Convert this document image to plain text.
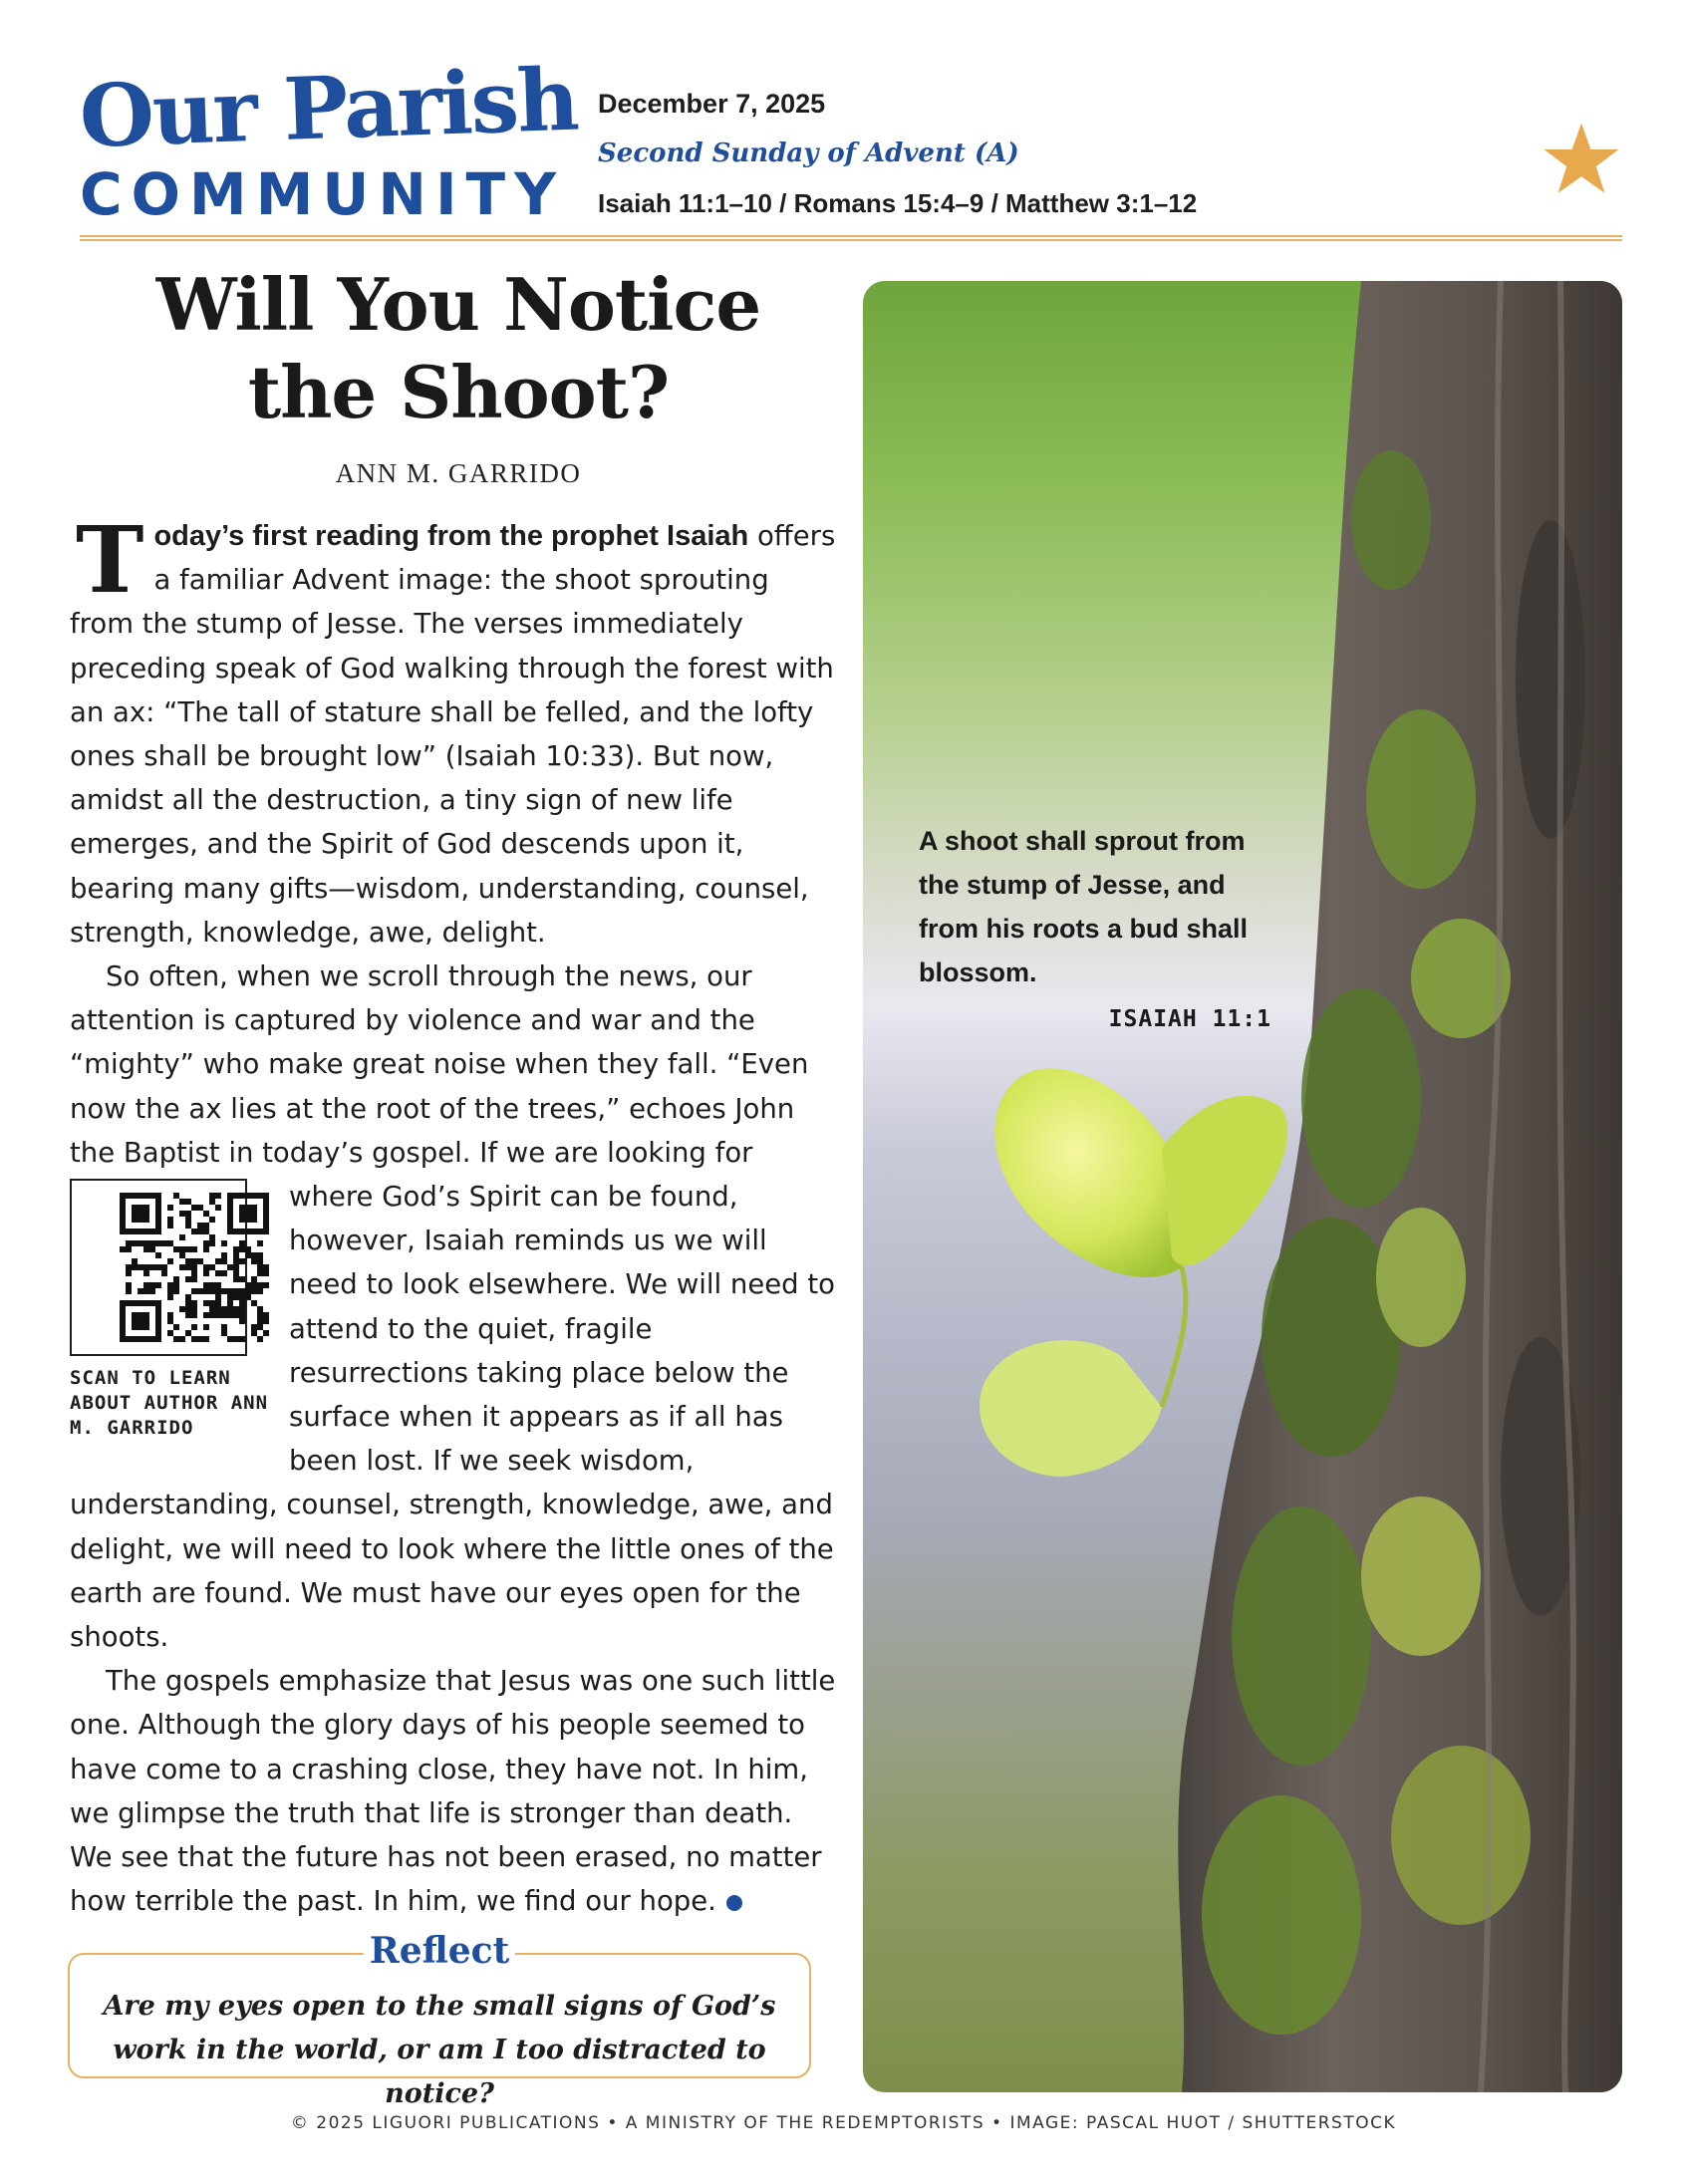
Our Parish
COMMUNITY
December 7, 2025
Second Sunday of Advent (A)
Isaiah 11:1–10 / Romans 15:4–9 / Matthew 3:1–12
Will You Notice
the Shoot?
ANN M. GARRIDO

Today’s first reading from the prophet Isaiah offers a familiar Advent image: the shoot sprouting from the stump of Jesse. The verses immediately preceding speak of God walking through the forest with an ax: “The tall of stature shall be felled, and the lofty ones shall be brought low” (Isaiah 10:33). But now, amidst all the destruction, a tiny sign of new life emerges, and the Spirit of God descends upon it, bearing many gifts—wisdom, understanding, counsel, strength, knowledge, awe, delight.

So often, when we scroll through the news, our attention is captured by violence and war and the “mighty” who make great noise when they fall. “Even now the ax lies at the root of the trees,” echoes John the Baptist in today’s gospel. If we are looking
SCAN TO LEARN ABOUT AUTHOR ANN M. GARRIDO
for where God’s Spirit can be found, however, Isaiah reminds us we will need to look elsewhere. We will need to attend to the quiet, fragile resurrections taking place below the surface when it appears as if all has been lost. If we seek wisdom, understanding, counsel, strength, knowledge, awe, and delight, we will need to look where the little ones of the earth are found. We must have our eyes open for the shoots.

The gospels emphasize that Jesus was one such little one. Although the glory days of his people seemed to have come to a crashing close, they have not. In him, we glimpse the truth that life is stronger than death. We see that the future has not been erased, no matter how terrible the past. In him, we find our hope.

Reflect
Are my eyes open to the small signs of God’s work in the world, or am I too distracted to notice?
A shoot shall sprout from the stump of Jesse, and from his roots a bud shall blossom.
ISAIAH 11:1
© 2025 LIGUORI PUBLICATIONS • A MINISTRY OF THE REDEMPTORISTS • IMAGE: PASCAL HUOT / SHUTTERSTOCK
